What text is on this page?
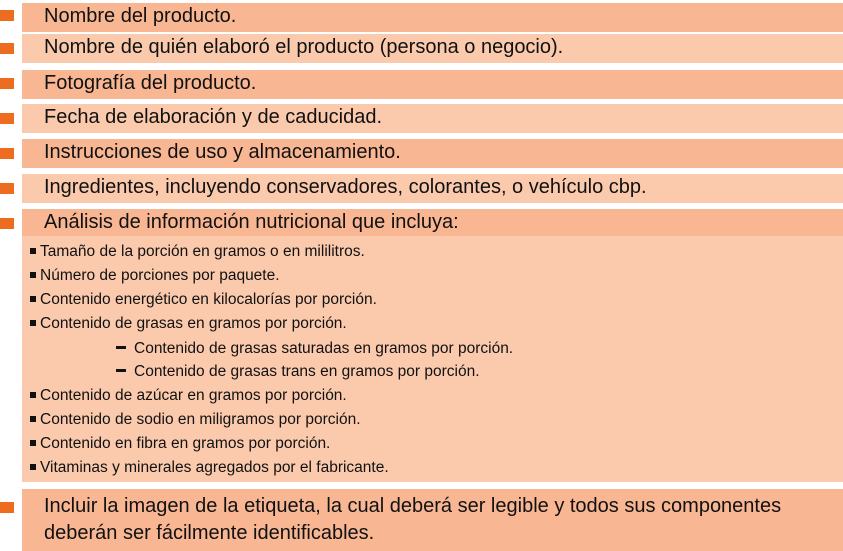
Nombre del producto.
Nombre de quién elaboró el producto (persona o negocio).
Fotografía del producto.
Fecha de elaboración y de caducidad.
Instrucciones de uso y almacenamiento.
Ingredientes, incluyendo conservadores, colorantes, o vehículo cbp.
Análisis de información nutricional que incluya:
Tamaño de la porción en gramos o en mililitros.
Número de porciones por paquete.
Contenido energético en kilocalorías por porción.
Contenido de grasas en gramos por porción.
Contenido de grasas saturadas en gramos por porción.
Contenido de grasas trans en gramos por porción.
Contenido de azúcar en gramos por porción.
Contenido de sodio en miligramos por porción.
Contenido en fibra en gramos por porción.
Vitaminas y minerales agregados por el fabricante.
Incluir la imagen de la etiqueta, la cual deberá ser legible y todos sus componentes
deberán ser fácilmente identificables.
